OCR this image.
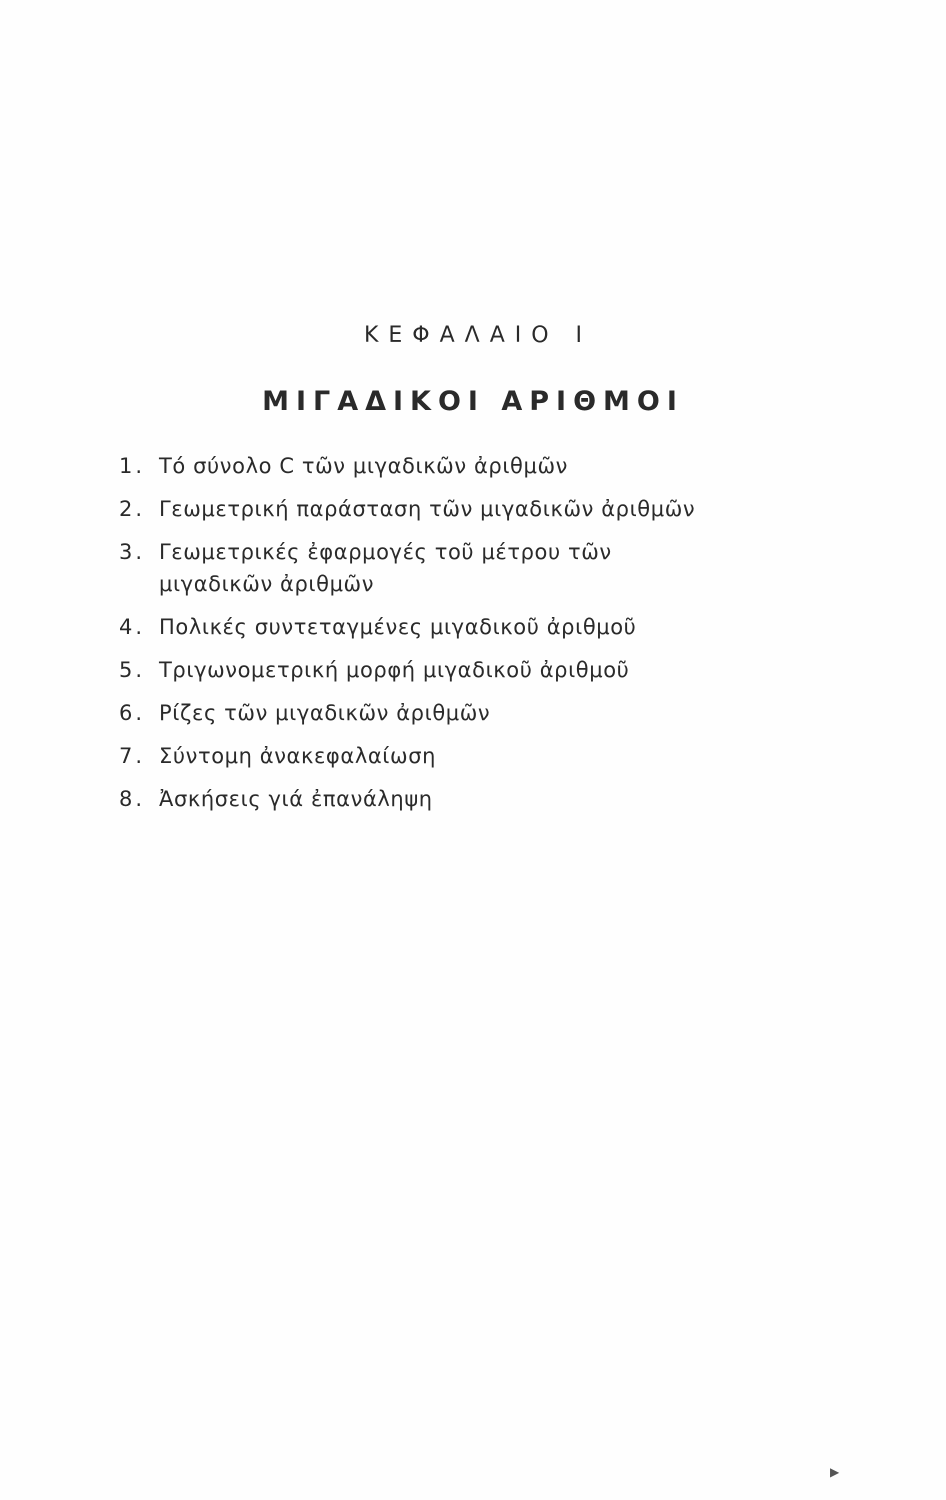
ΚΕΦΑΛΑΙΟ I
ΜΙΓΑΔΙΚΟΙ ΑΡΙΘΜΟΙ
1. Τό σύνολο C τῶν μιγαδικῶν ἀριθμῶν
2. Γεωμετρική παράσταση τῶν μιγαδικῶν ἀριθμῶν
3. Γεωμετρικές ἐφαρμογές τοῦ μέτρου τῶν μιγαδικῶν ἀριθμῶν
4. Πολικές συντεταγμένες μιγαδικοῦ ἀριθμοῦ
5. Τριγωνομετρική μορφή μιγαδικοῦ ἀριθμοῦ
6. Ρίζες τῶν μιγαδικῶν ἀριθμῶν
7. Σύντομη ἀνακεφαλαίωση
8. Ἀσκήσεις γιά ἐπανάληψη
▶
